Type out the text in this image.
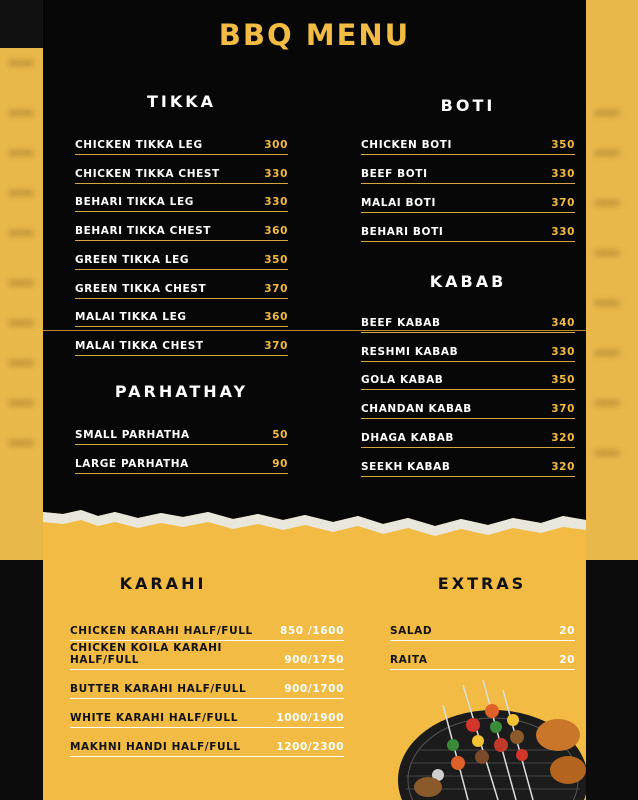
BBQ MENU
TIKKA
CHICKEN TIKKA LEG	300
CHICKEN TIKKA CHEST	330
BEHARI TIKKA LEG	330
BEHARI TIKKA CHEST	360
GREEN TIKKA LEG	350
GREEN TIKKA CHEST	370
MALAI TIKKA LEG	360
MALAI TIKKA CHEST	370
PARHATHAY
SMALL PARHATHA	50
LARGE PARHATHA	90
BOTI
CHICKEN BOTI	350
BEEF BOTI	330
MALAI BOTI	370
BEHARI BOTI	330
KABAB
BEEF KABAB	340
RESHMI KABAB	330
GOLA KABAB	350
CHANDAN KABAB	370
DHAGA KABAB	320
SEEKH KABAB	320
KARAHI
CHICKEN KARAHI HALF/FULL	850 /1600
CHICKEN KOILA KARAHI HALF/FULL	900/1750
BUTTER KARAHI HALF/FULL	900/1700
WHITE KARAHI HALF/FULL	1000/1900
MAKHNI HANDI HALF/FULL	1200/2300
EXTRAS
SALAD	20
RAITA	20
